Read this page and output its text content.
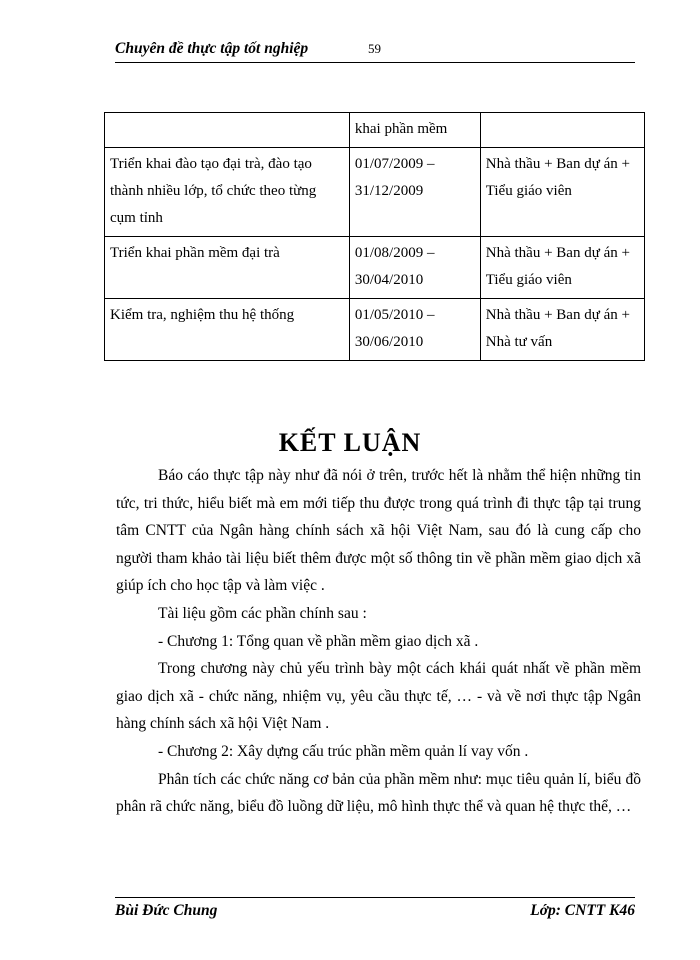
Chuyên đề thực tập tốt nghiệp	59
	khai phần mềm	
Triển khai đào tạo đại trà, đào tạo thành nhiều lớp, tổ chức theo từng cụm tỉnh	01/07/2009 – 31/12/2009	Nhà thầu + Ban dự án + Tiểu giáo viên
Triển khai phần mềm đại trà	01/08/2009 – 30/04/2010	Nhà thầu + Ban dự án + Tiểu giáo viên
Kiểm tra, nghiệm thu hệ thống	01/05/2010 – 30/06/2010	Nhà thầu + Ban dự án + Nhà tư vấn
KẾT LUẬN

Báo cáo thực tập này như đã nói ở trên, trước hết là nhằm thể hiện những tin tức, tri thức, hiểu biết mà em mới tiếp thu được trong quá trình đi thực tập tại trung tâm CNTT của Ngân hàng chính sách xã hội Việt Nam, sau đó là cung cấp cho người tham khảo tài liệu biết thêm được một số thông tin về phần mềm giao dịch xã giúp ích cho học tập và làm việc .

Tài liệu gồm các phần chính sau :

- Chương 1: Tổng quan về phần mềm giao dịch xã .

Trong chương này chủ yếu trình bày một cách khái quát nhất về phần mềm giao dịch xã - chức năng, nhiệm vụ, yêu cầu thực tế, … - và về nơi thực tập Ngân hàng chính sách xã hội Việt Nam .

- Chương 2: Xây dựng cấu trúc phần mềm quản lí vay vốn .

Phân tích các chức năng cơ bản của phần mềm như: mục tiêu quản lí, biểu đồ phân rã chức năng, biểu đồ luồng dữ liệu, mô hình thực thể và quan hệ thực thể, …

Bùi Đức Chung	Lớp: CNTT K46
